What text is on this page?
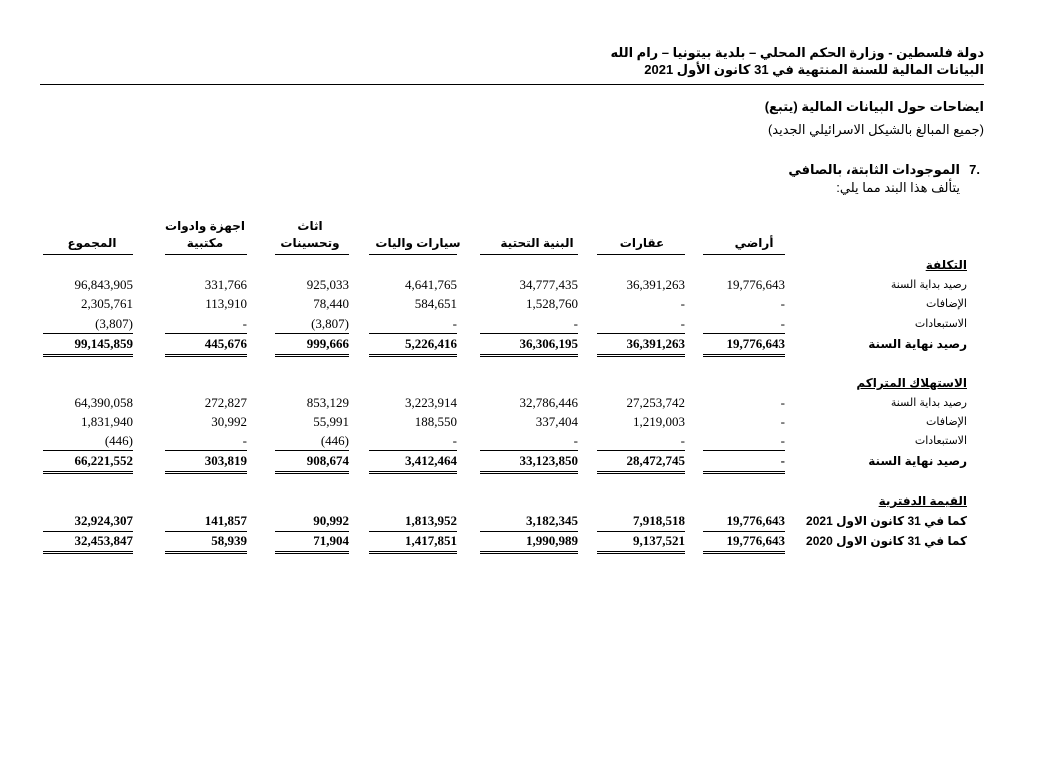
دولة فلسطين - وزارة الحكم المحلي – بلدية بيتونيا – رام الله
البيانات المالية للسنة المنتهية في 31 كانون الأول 2021
ايضاحات حول البيانات المالية (يتبع)
(جميع المبالغ بالشيكل الاسرائيلي الجديد)
.7
الموجودات الثابتة، بالصافي
يتألف هذا البند مما يلي:
أراضي
عقارات
البنية التحتية
سيارات واليات
اثاث
وتحسينات
اجهزة وادوات
مكتبية
المجموع
التكلفة
رصيد بداية السنة
19,776,643
36,391,263
34,777,435
4,641,765
925,033
331,766
96,843,905
الإضافات
-
-
1,528,760
584,651
78,440
113,910
2,305,761
الاستبعادات
-
-
-
-
(3,807)
-
(3,807)
رصيد نهاية السنة
19,776,643
36,391,263
36,306,195
5,226,416
999,666
445,676
99,145,859
الاستهلاك المتراكم
رصيد بداية السنة
-
27,253,742
32,786,446
3,223,914
853,129
272,827
64,390,058
الإضافات
-
1,219,003
337,404
188,550
55,991
30,992
1,831,940
الاستبعادات
-
-
-
-
(446)
-
(446)
رصيد نهاية السنة
-
28,472,745
33,123,850
3,412,464
908,674
303,819
66,221,552
القيمة الدفترية
كما في 31 كانون الاول 2021
19,776,643
7,918,518
3,182,345
1,813,952
90,992
141,857
32,924,307
كما في 31 كانون الاول 2020
19,776,643
9,137,521
1,990,989
1,417,851
71,904
58,939
32,453,847
